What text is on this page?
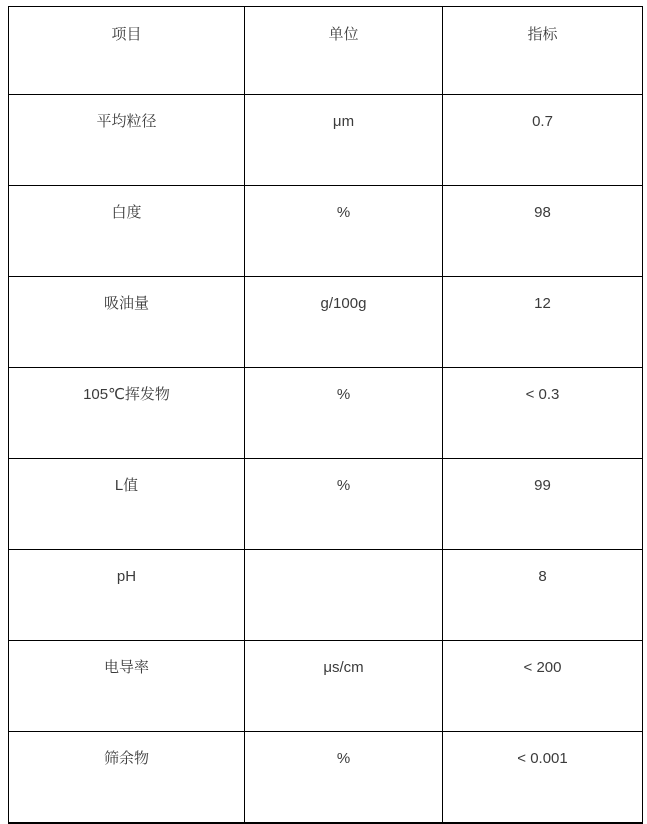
项目	单位	指标
平均粒径	μm	0.7
白度	%	98
吸油量	g/100g	12
105℃挥发物	%	< 0.3
L值	%	99
pH		8
电导率	μs/cm	< 200
筛余物	%	< 0.001
